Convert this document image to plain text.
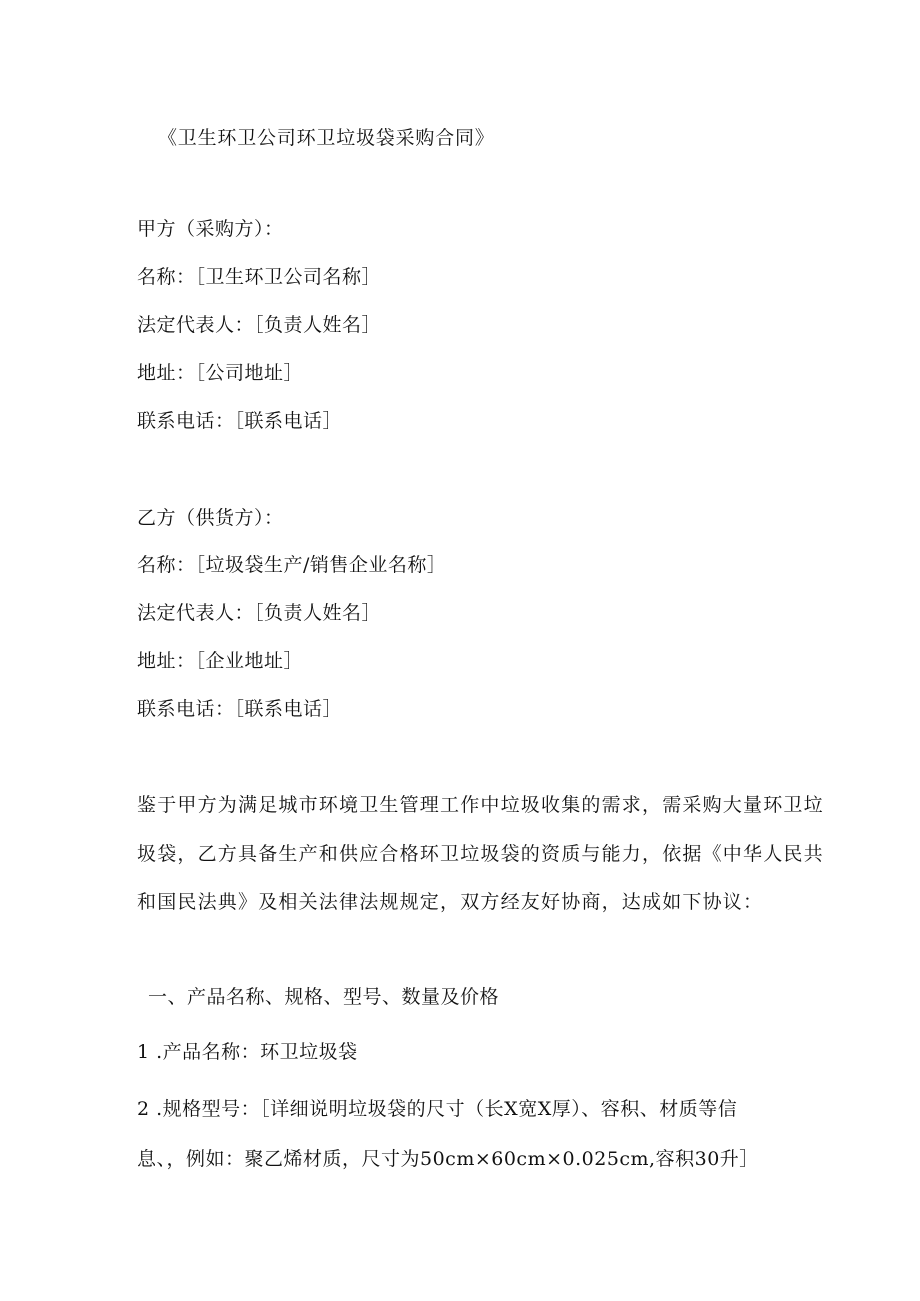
《卫生环卫公司环卫垃圾袋采购合同》
甲方（采购方）：
名称：［卫生环卫公司名称］
法定代表人：［负责人姓名］
地址：［公司地址］
联系电话：［联系电话］
乙方（供货方）：
名称：［垃圾袋生产/销售企业名称］
法定代表人：［负责人姓名］
地址：［企业地址］
联系电话：［联系电话］
鉴于甲方为满足城市环境卫生管理工作中垃圾收集的需求，需采购大量环卫垃
圾袋，乙方具备生产和供应合格环卫垃圾袋的资质与能力，依据《中华人民共
和国民法典》及相关法律法规规定，双方经友好协商，达成如下协议：
一、产品名称、规格、型号、数量及价格
1 .产品名称：环卫垃圾袋
2 .规格型号：［详细说明垃圾袋的尺寸（长X宽X厚）、容积、材质等信
息、，例如：聚乙烯材质，尺寸为50cm×60cm×0.025cm,容积30升］
